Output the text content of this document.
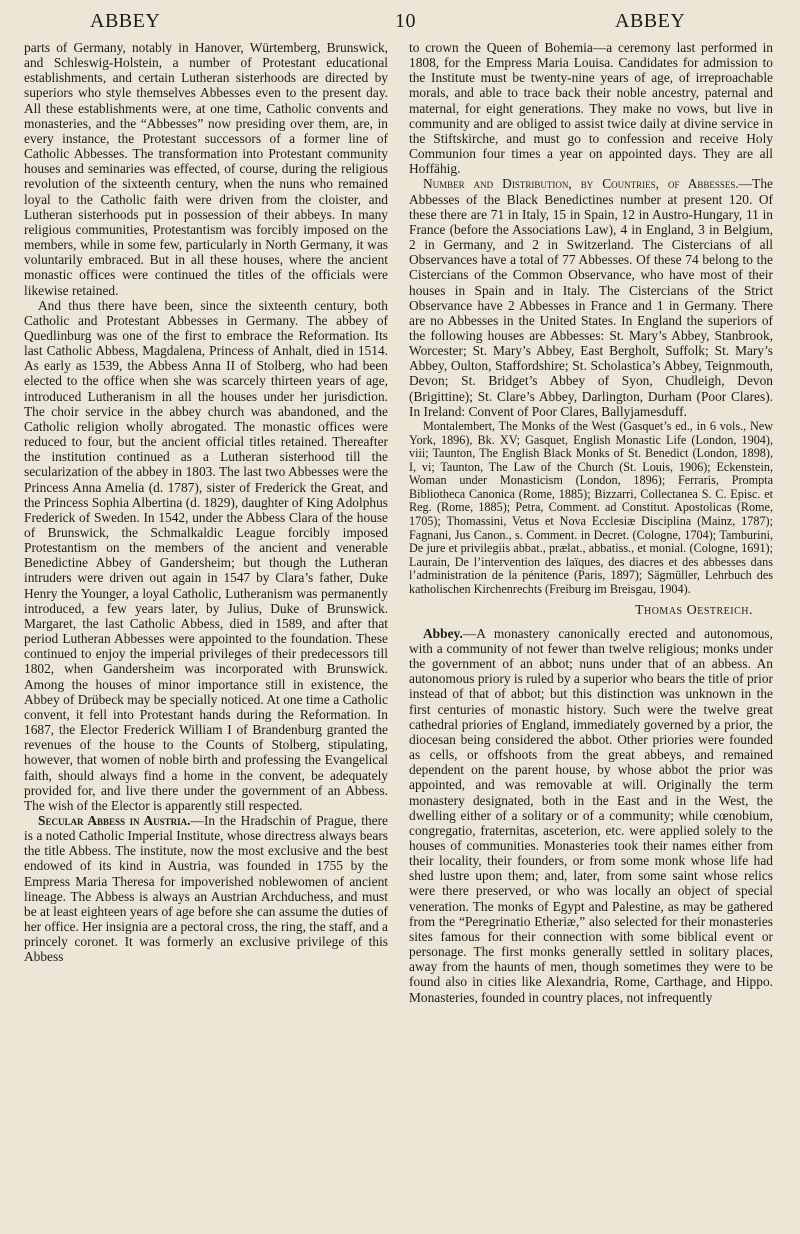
ABBEY	10	ABBEY

parts of Germany, notably in Hanover, Würtemberg, Brunswick, and Schleswig-Holstein, a number of Protestant educational establishments, and certain Lutheran sisterhoods are directed by superiors who style themselves Abbesses even to the present day. All these establishments were, at one time, Catholic convents and monasteries, and the “Abbesses” now presiding over them, are, in every instance, the Protestant successors of a former line of Catholic Abbesses. The transformation into Protestant community houses and seminaries was effected, of course, during the religious revolution of the sixteenth century, when the nuns who remained loyal to the Catholic faith were driven from the cloister, and Lutheran sisterhoods put in possession of their abbeys. In many religious communities, Protestantism was forcibly imposed on the members, while in some few, particularly in North Germany, it was voluntarily embraced. But in all these houses, where the ancient monastic offices were continued the titles of the officials were likewise retained.

And thus there have been, since the sixteenth century, both Catholic and Protestant Abbesses in Germany. The abbey of Quedlinburg was one of the first to embrace the Reformation. Its last Catholic Abbess, Magdalena, Princess of Anhalt, died in 1514. As early as 1539, the Abbess Anna II of Stolberg, who had been elected to the office when she was scarcely thirteen years of age, introduced Lutheranism in all the houses under her jurisdiction. The choir service in the abbey church was abandoned, and the Catholic religion wholly abrogated. The monastic offices were reduced to four, but the ancient official titles retained. Thereafter the institution continued as a Lutheran sisterhood till the secularization of the abbey in 1803. The last two Abbesses were the Princess Anna Amelia (d. 1787), sister of Frederick the Great, and the Princess Sophia Albertina (d. 1829), daughter of King Adolphus Frederick of Sweden. In 1542, under the Abbess Clara of the house of Brunswick, the Schmalkaldic League forcibly imposed Protestantism on the members of the ancient and venerable Benedictine Abbey of Gandersheim; but though the Lutheran intruders were driven out again in 1547 by Clara’s father, Duke Henry the Younger, a loyal Catholic, Lutheranism was permanently introduced, a few years later, by Julius, Duke of Brunswick. Margaret, the last Catholic Abbess, died in 1589, and after that period Lutheran Abbesses were appointed to the foundation. These continued to enjoy the imperial privileges of their predecessors till 1802, when Gandersheim was incorporated with Brunswick. Among the houses of minor importance still in existence, the Abbey of Drübeck may be specially noticed. At one time a Catholic convent, it fell into Protestant hands during the Reformation. In 1687, the Elector Frederick William I of Brandenburg granted the revenues of the house to the Counts of Stolberg, stipulating, however, that women of noble birth and professing the Evangelical faith, should always find a home in the convent, be adequately provided for, and live there under the government of an Abbess. The wish of the Elector is apparently still respected.

Secular Abbess in Austria.—In the Hradschin of Prague, there is a noted Catholic Imperial Institute, whose directress always bears the title Abbess. The institute, now the most exclusive and the best endowed of its kind in Austria, was founded in 1755 by the Empress Maria Theresa for impoverished noblewomen of ancient lineage. The Abbess is always an Austrian Archduchess, and must be at least eighteen years of age before she can assume the duties of her office. Her insignia are a pectoral cross, the ring, the staff, and a princely coronet. It was formerly an exclusive privilege of this Abbess

to crown the Queen of Bohemia—a ceremony last performed in 1808, for the Empress Maria Louisa. Candidates for admission to the Institute must be twenty-nine years of age, of irreproachable morals, and able to trace back their noble ancestry, paternal and maternal, for eight generations. They make no vows, but live in community and are obliged to assist twice daily at divine service in the Stiftskirche, and must go to confession and receive Holy Communion four times a year on appointed days. They are all Hoffähig.

Number and Distribution, by Countries, of Abbesses.—The Abbesses of the Black Benedictines number at present 120. Of these there are 71 in Italy, 15 in Spain, 12 in Austro-Hungary, 11 in France (before the Associations Law), 4 in England, 3 in Belgium, 2 in Germany, and 2 in Switzerland. The Cistercians of all Observances have a total of 77 Abbesses. Of these 74 belong to the Cistercians of the Common Observance, who have most of their houses in Spain and in Italy. The Cistercians of the Strict Observance have 2 Abbesses in France and 1 in Germany. There are no Abbesses in the United States. In England the superiors of the following houses are Abbesses: St. Mary’s Abbey, Stanbrook, Worcester; St. Mary’s Abbey, East Bergholt, Suffolk; St. Mary’s Abbey, Oulton, Staffordshire; St. Scholastica’s Abbey, Teignmouth, Devon; St. Bridget’s Abbey of Syon, Chudleigh, Devon (Brigittine); St. Clare’s Abbey, Darlington, Durham (Poor Clares). In Ireland: Convent of Poor Clares, Ballyjamesduff.

Montalembert, The Monks of the West (Gasquet’s ed., in 6 vols., New York, 1896), Bk. XV; Gasquet, English Monastic Life (London, 1904), viii; Taunton, The English Black Monks of St. Benedict (London, 1898), I, vi; Taunton, The Law of the Church (St. Louis, 1906); Eckenstein, Woman under Monasticism (London, 1896); Ferraris, Prompta Bibliotheca Canonica (Rome, 1885); Bizzarri, Collectanea S. C. Episc. et Reg. (Rome, 1885); Petra, Comment. ad Constitut. Apostolicas (Rome, 1705); Thomassini, Vetus et Nova Ecclesiæ Disciplina (Mainz, 1787); Fagnani, Jus Canon., s. Comment. in Decret. (Cologne, 1704); Tamburini, De jure et privilegiis abbat., prælat., abbatiss., et monial. (Cologne, 1691); Laurain, De l’intervention des laïques, des diacres et des abbesses dans l’administration de la pénitence (Paris, 1897); Sägmüller, Lehrbuch des katholischen Kirchenrechts (Freiburg im Breisgau, 1904).

Thomas Oestreich.

Abbey.—A monastery canonically erected and autonomous, with a community of not fewer than twelve religious; monks under the government of an abbot; nuns under that of an abbess. An autonomous priory is ruled by a superior who bears the title of prior instead of that of abbot; but this distinction was unknown in the first centuries of monastic history. Such were the twelve great cathedral priories of England, immediately governed by a prior, the diocesan being considered the abbot. Other priories were founded as cells, or offshoots from the great abbeys, and remained dependent on the parent house, by whose abbot the prior was appointed, and was removable at will. Originally the term monastery designated, both in the East and in the West, the dwelling either of a solitary or of a community; while cœnobium, congregatio, fraternitas, asceterion, etc. were applied solely to the houses of communities. Monasteries took their names either from their locality, their founders, or from some monk whose life had shed lustre upon them; and, later, from some saint whose relics were there preserved, or who was locally an object of special veneration. The monks of Egypt and Palestine, as may be gathered from the “Peregrinatio Etheriæ,” also selected for their monasteries sites famous for their connection with some biblical event or personage. The first monks generally settled in solitary places, away from the haunts of men, though sometimes they were to be found also in cities like Alexandria, Rome, Carthage, and Hippo. Monasteries, founded in country places, not infrequently
